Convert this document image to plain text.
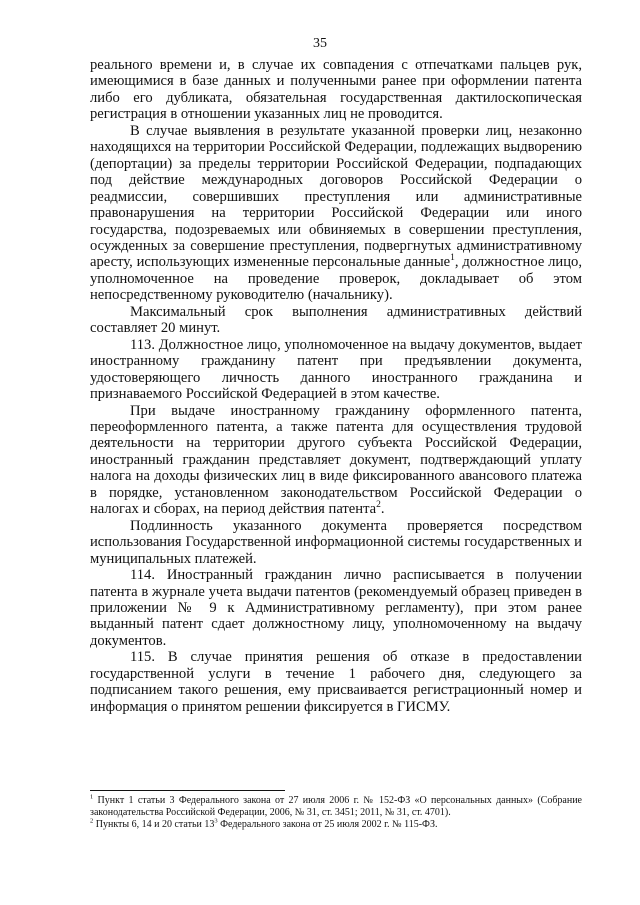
35

реального времени и, в случае их совпадения с отпечатками пальцев рук, имеющимися в базе данных и полученными ранее при оформлении патента либо его дубликата, обязательная государственная дактилоскопическая регистрация в отношении указанных лиц не проводится.

В случае выявления в результате указанной проверки лиц, незаконно находящихся на территории Российской Федерации, подлежащих выдворению (депортации) за пределы территории Российской Федерации, подпадающих под действие международных договоров Российской Федерации о реадмиссии, совершивших преступления или административные правонарушения на территории Российской Федерации или иного государства, подозреваемых или обвиняемых в совершении преступления, осужденных за совершение преступления, подвергнутых административному аресту, использующих измененные персональные данные$^1$, должностное лицо, уполномоченное на проведение проверок, докладывает об этом непосредственному руководителю (начальнику).

Максимальный срок выполнения административных действий составляет 20 минут.

113. Должностное лицо, уполномоченное на выдачу документов, выдает иностранному гражданину патент при предъявлении документа, удостоверяющего личность данного иностранного гражданина и признаваемого Российской Федерацией в этом качестве.

При выдаче иностранному гражданину оформленного патента, переоформленного патента, а также патента для осуществления трудовой деятельности на территории другого субъекта Российской Федерации, иностранный гражданин представляет документ, подтверждающий уплату налога на доходы физических лиц в виде фиксированного авансового платежа в порядке, установленном законодательством Российской Федерации о налогах и сборах, на период действия патента$^2$.

Подлинность указанного документа проверяется посредством использования Государственной информационной системы государственных и муниципальных платежей.

114. Иностранный гражданин лично расписывается в получении патента в журнале учета выдачи патентов (рекомендуемый образец приведен в приложении № 9 к Административному регламенту), при этом ранее выданный патент сдает должностному лицу, уполномоченному на выдачу документов.

115. В случае принятия решения об отказе в предоставлении государственной услуги в течение 1 рабочего дня, следующего за подписанием такого решения, ему присваивается регистрационный номер и информация о принятом решении фиксируется в ГИСМУ.

$^1$ Пункт 1 статьи 3 Федерального закона от 27 июля 2006 г. № 152-ФЗ «О персональных данных» (Собрание законодательства Российской Федерации, 2006, № 31, ст. 3451; 2011, № 31, ст. 4701).

$^2$ Пункты 6, 14 и 20 статьи $13^3$ Федерального закона от 25 июля 2002 г. № 115-ФЗ.
